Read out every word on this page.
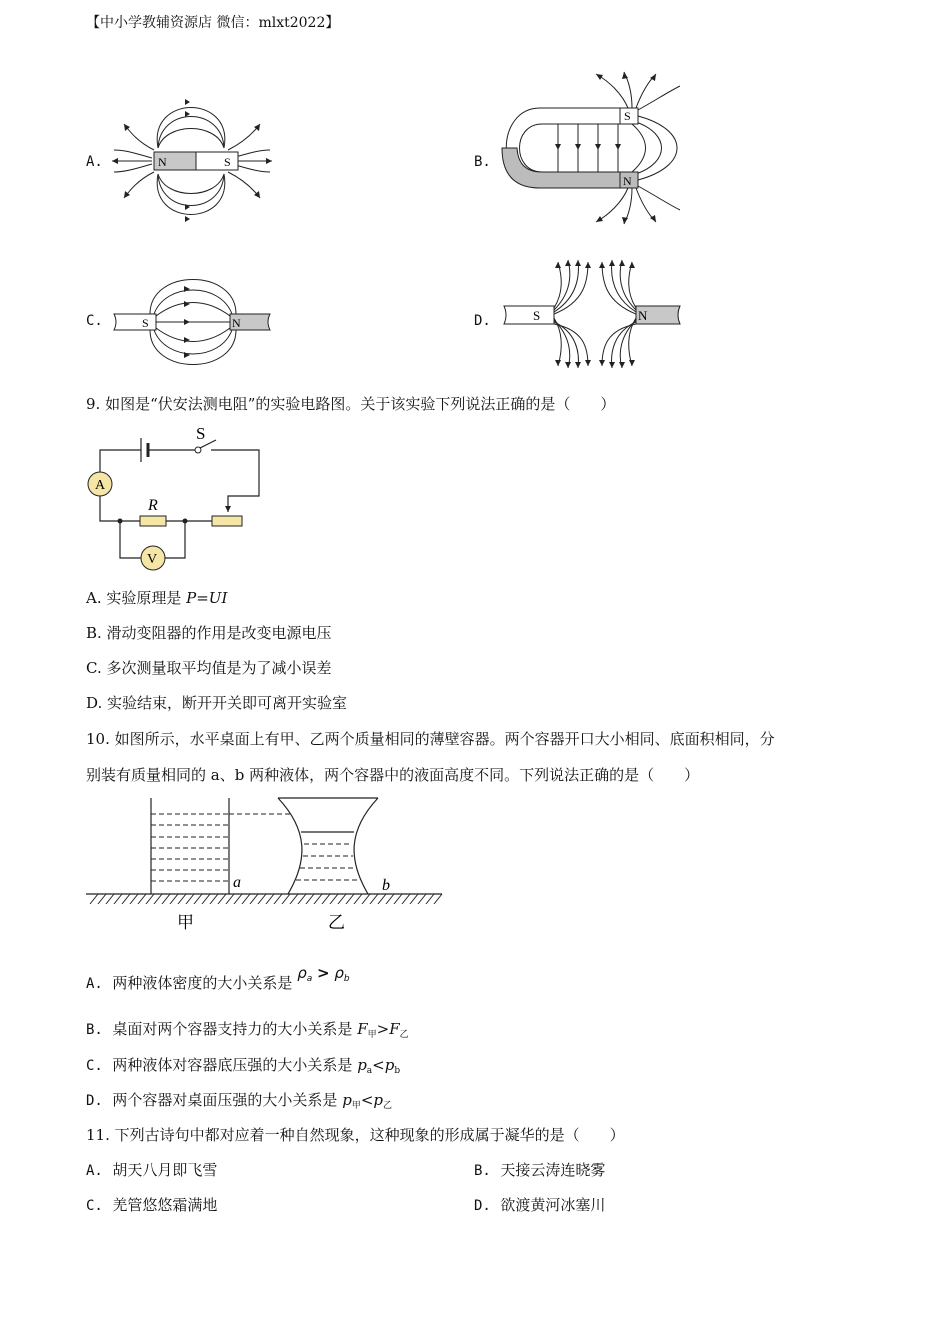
【中小学教辅资源店 微信：mlxt2022】
A.	B.
C.	D.
N	S
S
N
S	N	S	N
9. 如图是“伏安法测电阻”的实验电路图。关于该实验下列说法正确的是（　　）
S
A
R
V
A. 实验原理是 P=UI
B. 滑动变阻器的作用是改变电源电压
C. 多次测量取平均值是为了减小误差
D. 实验结束，断开开关即可离开实验室
10. 如图所示，水平桌面上有甲、乙两个质量相同的薄壁容器。两个容器开口大小相同、底面积相同，分
别装有质量相同的 a、b 两种液体，两个容器中的液面高度不同。下列说法正确的是（　　）
a	b
甲	乙
A. 两种液体密度的大小关系是 $\rho_a > \rho_b$
B. 桌面对两个容器支持力的大小关系是 $F_甲>F_乙$
C. 两种液体对容器底压强的大小关系是 $p_a<p_b$
D. 两个容器对桌面压强的大小关系是 $p_甲<p_乙$
11. 下列古诗句中都对应着一种自然现象，这种现象的形成属于凝华的是（　　）
A. 胡天八月即飞雪	B. 天接云涛连晓雾
C. 羌管悠悠霜满地	D. 欲渡黄河冰塞川
